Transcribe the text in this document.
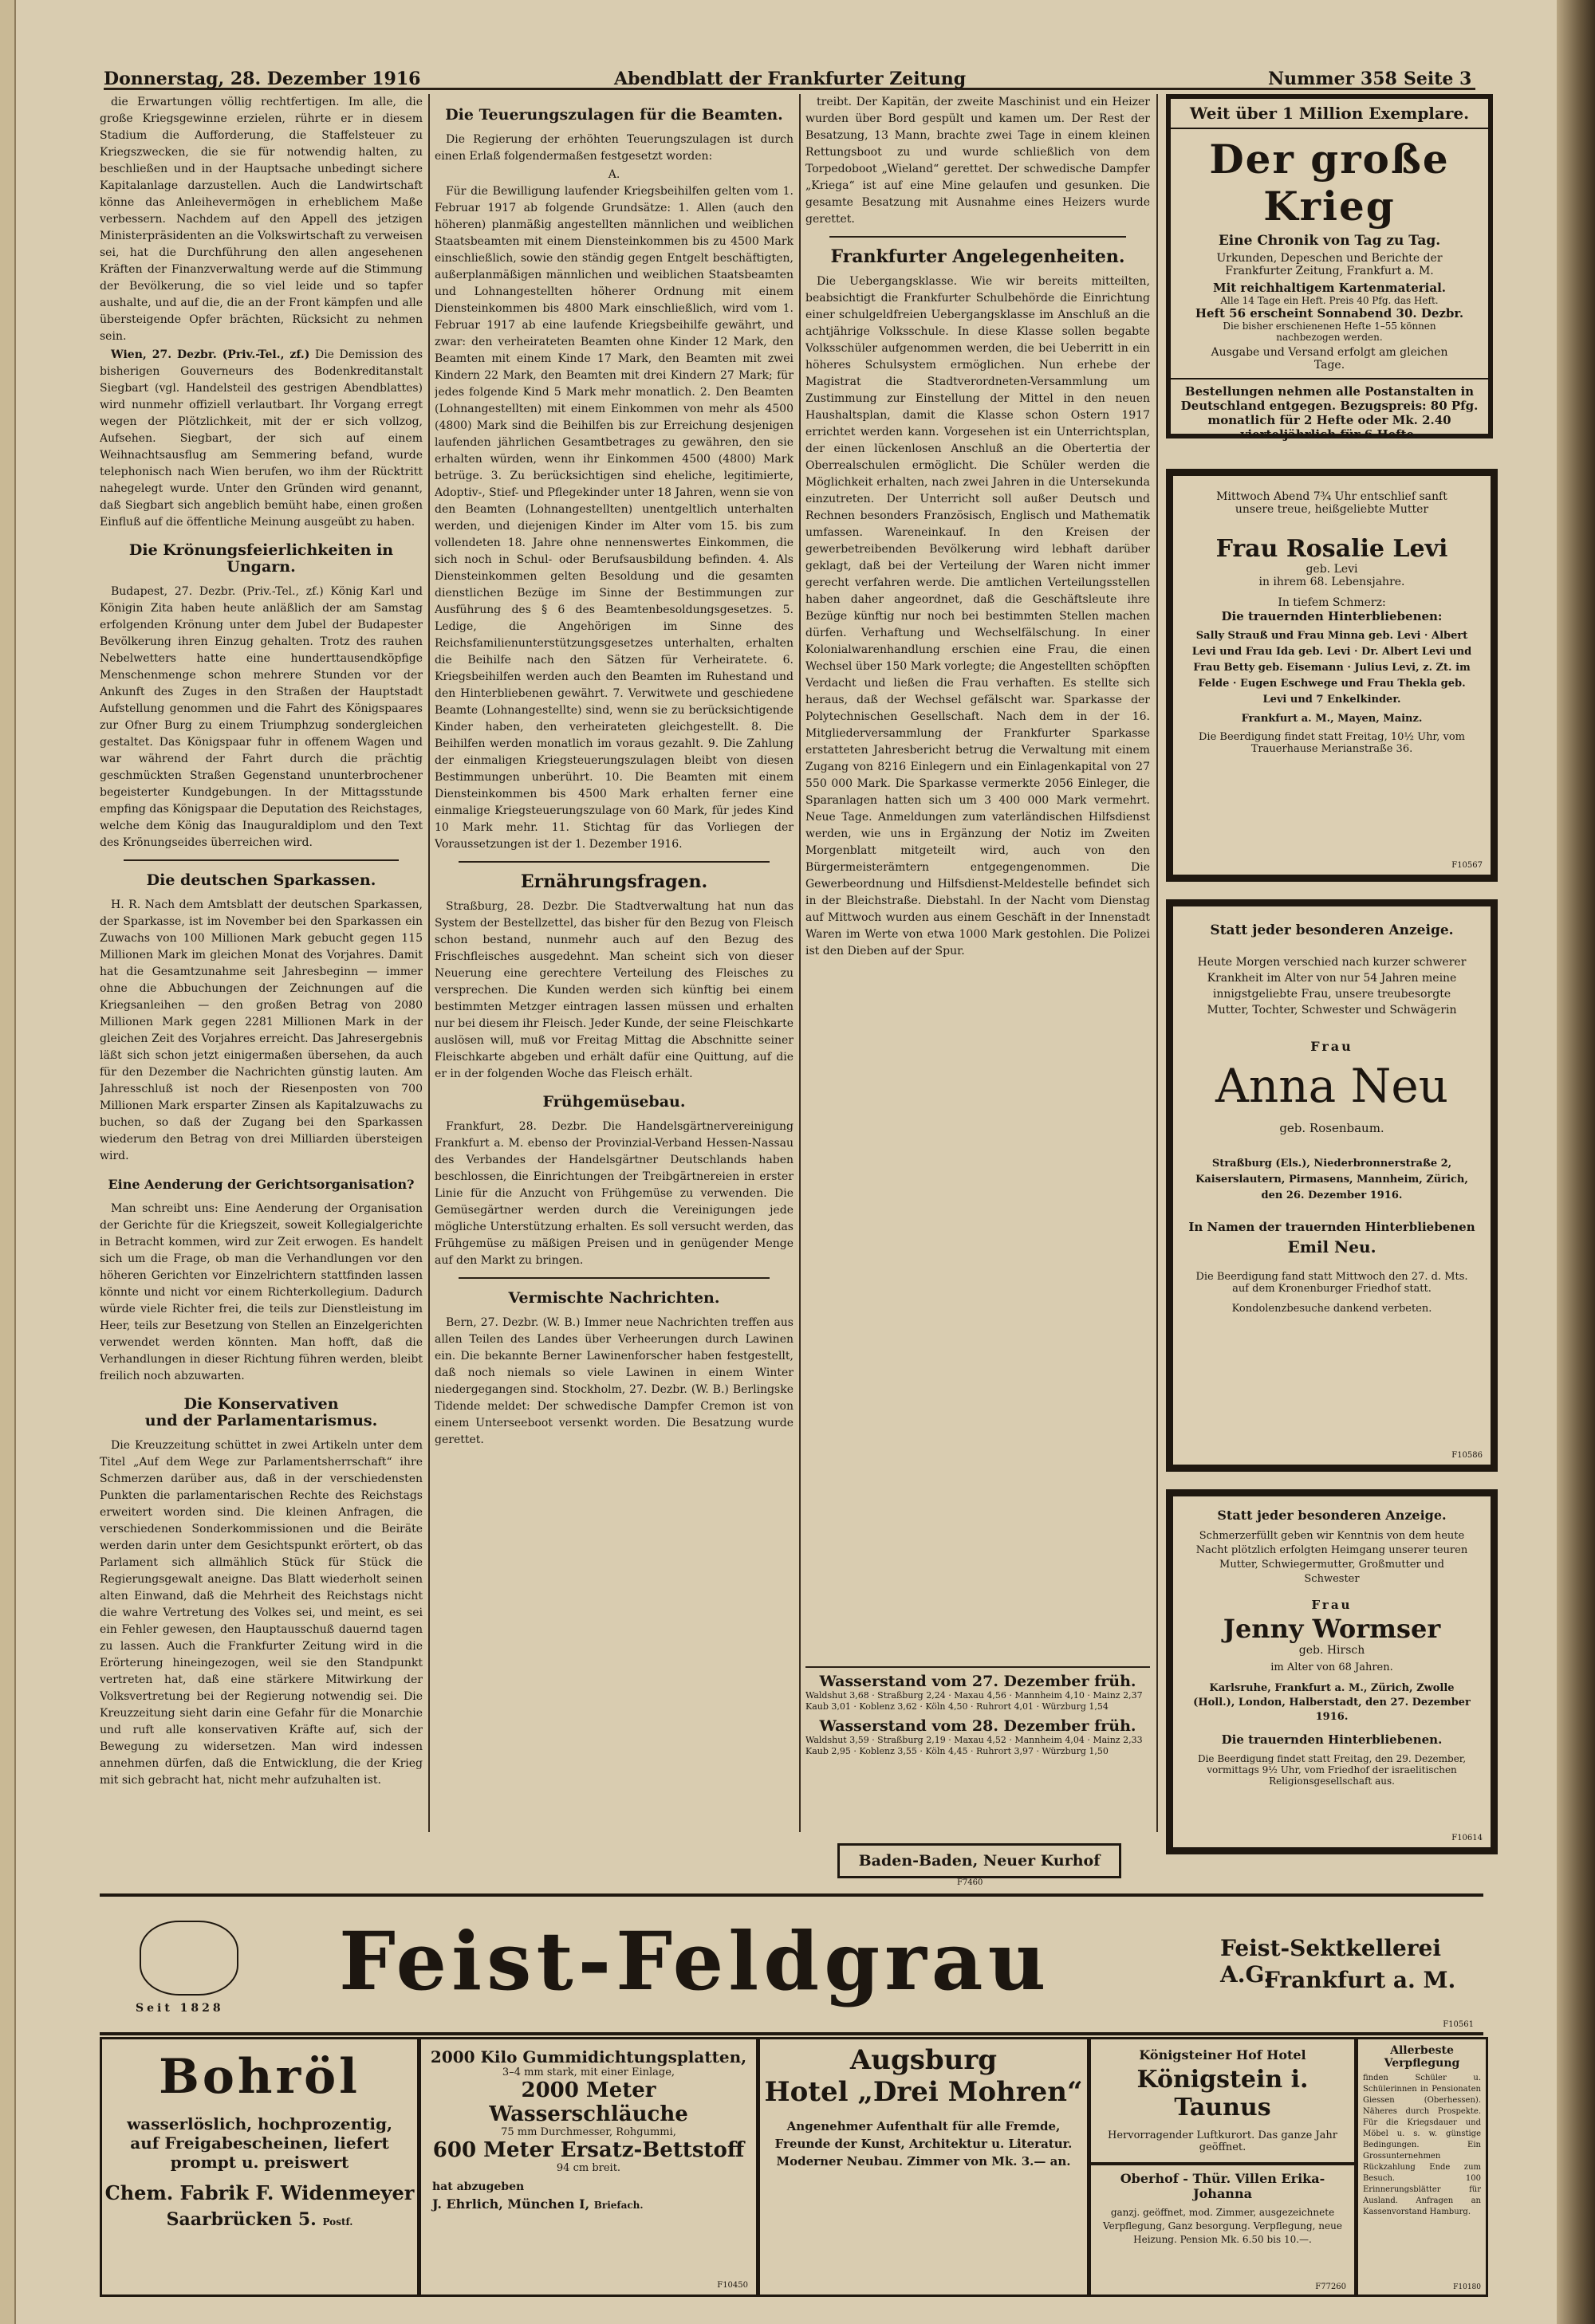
Donnerstag, 28. Dezember 1916	Abendblatt der Frankfurter Zeitung	Nummer 358 Seite 3

die Erwartungen völlig rechtfertigen. Im alle, die große Kriegsgewinne erzielen, rührte er in diesem Stadium die Aufforderung, die Staffelsteuer zu Kriegszwecken, die sie für notwendig halten, zu beschließen und in der Hauptsache unbedingt sichere Kapitalanlage darzustellen. Auch die Landwirtschaft könne das Anleihevermögen in erheblichem Maße verbessern. Nachdem auf den Appell des jetzigen Ministerpräsidenten an die Volkswirtschaft zu verweisen sei, hat die Durchführung den allen angesehenen Kräften der Finanzverwaltung werde auf die Stimmung der Bevölkerung, die so viel leide und so tapfer aushalte, und auf die, die an der Front kämpfen und alle übersteigende Opfer brächten, Rücksicht zu nehmen sein.

Wien, 27. Dezbr. (Priv.-Tel., zf.) Die Demission des bisherigen Gouverneurs des Bodenkreditanstalt Siegbart (vgl. Handelsteil des gestrigen Abendblattes) wird nunmehr offiziell verlautbart. Ihr Vorgang erregt wegen der Plötzlichkeit, mit der er sich vollzog, Aufsehen. Siegbart, der sich auf einem Weihnachtsausflug am Semmering befand, wurde telephonisch nach Wien berufen, wo ihm der Rücktritt nahegelegt wurde. Unter den Gründen wird genannt, daß Siegbart sich angeblich bemüht habe, einen großen Einfluß auf die öffentliche Meinung ausgeübt zu haben.

Die Krönungsfeierlichkeiten in Ungarn.

Budapest, 27. Dezbr. (Priv.-Tel., zf.) König Karl und Königin Zita haben heute anläßlich der am Samstag erfolgenden Krönung unter dem Jubel der Budapester Bevölkerung ihren Einzug gehalten. Trotz des rauhen Nebelwetters hatte eine hunderttausendköpfige Menschenmenge schon mehrere Stunden vor der Ankunft des Zuges in den Straßen der Hauptstadt Aufstellung genommen und die Fahrt des Königspaares zur Ofner Burg zu einem Triumphzug sondergleichen gestaltet. Das Königspaar fuhr in offenem Wagen und war während der Fahrt durch die prächtig geschmückten Straßen Gegenstand ununterbrochener begeisterter Kundgebungen. In der Mittagsstunde empfing das Königspaar die Deputation des Reichstages, welche dem König das Inauguraldiplom und den Text des Krönungseides überreichen wird.

Die deutschen Sparkassen.

H. R. Nach dem Amtsblatt der deutschen Sparkassen, der Sparkasse, ist im November bei den Sparkassen ein Zuwachs von 100 Millionen Mark gebucht gegen 115 Millionen Mark im gleichen Monat des Vorjahres. Damit hat die Gesamtzunahme seit Jahresbeginn — immer ohne die Abbuchungen der Zeichnungen auf die Kriegsanleihen — den großen Betrag von 2080 Millionen Mark gegen 2281 Millionen Mark in der gleichen Zeit des Vorjahres erreicht. Das Jahresergebnis läßt sich schon jetzt einigermaßen übersehen, da auch für den Dezember die Nachrichten günstig lauten. Am Jahresschluß ist noch der Riesenposten von 700 Millionen Mark ersparter Zinsen als Kapitalzuwachs zu buchen, so daß der Zugang bei den Sparkassen wiederum den Betrag von drei Milliarden übersteigen wird.

Eine Aenderung der Gerichtsorganisation?

Man schreibt uns: Eine Aenderung der Organisation der Gerichte für die Kriegszeit, soweit Kollegialgerichte in Betracht kommen, wird zur Zeit erwogen. Es handelt sich um die Frage, ob man die Verhandlungen vor den höheren Gerichten vor Einzelrichtern stattfinden lassen könnte und nicht vor einem Richterkollegium. Dadurch würde viele Richter frei, die teils zur Dienstleistung im Heer, teils zur Besetzung von Stellen an Einzelgerichten verwendet werden könnten. Man hofft, daß die Verhandlungen in dieser Richtung führen werden, bleibt freilich noch abzuwarten.

Die Konservativen
und der Parlamentarismus.

Die Kreuzzeitung schüttet in zwei Artikeln unter dem Titel „Auf dem Wege zur Parlamentsherrschaft“ ihre Schmerzen darüber aus, daß in der verschiedensten Punkten die parlamentarischen Rechte des Reichstags erweitert worden sind. Die kleinen Anfragen, die verschiedenen Sonderkommissionen und die Beiräte werden darin unter dem Gesichtspunkt erörtert, ob das Parlament sich allmählich Stück für Stück die Regierungsgewalt aneigne. Das Blatt wiederholt seinen alten Einwand, daß die Mehrheit des Reichstags nicht die wahre Vertretung des Volkes sei, und meint, es sei ein Fehler gewesen, den Hauptausschuß dauernd tagen zu lassen. Auch die Frankfurter Zeitung wird in die Erörterung hineingezogen, weil sie den Standpunkt vertreten hat, daß eine stärkere Mitwirkung der Volksvertretung bei der Regierung notwendig sei. Die Kreuzzeitung sieht darin eine Gefahr für die Monarchie und ruft alle konservativen Kräfte auf, sich der Bewegung zu widersetzen. Man wird indessen annehmen dürfen, daß die Entwicklung, die der Krieg mit sich gebracht hat, nicht mehr aufzuhalten ist.

Die Teuerungszulagen für die Beamten.

Die Regierung der erhöhten Teuerungszulagen ist durch einen Erlaß folgendermaßen festgesetzt worden:

A.

Für die Bewilligung laufender Kriegsbeihilfen gelten vom 1. Februar 1917 ab folgende Grundsätze: 1. Allen (auch den höheren) planmäßig angestellten männlichen und weiblichen Staatsbeamten mit einem Diensteinkommen bis zu 4500 Mark einschließlich, sowie den ständig gegen Entgelt beschäftigten, außerplanmäßigen männlichen und weiblichen Staatsbeamten und Lohnangestellten höherer Ordnung mit einem Diensteinkommen bis 4800 Mark einschließlich, wird vom 1. Februar 1917 ab eine laufende Kriegsbeihilfe gewährt, und zwar: den verheirateten Beamten ohne Kinder 12 Mark, den Beamten mit einem Kinde 17 Mark, den Beamten mit zwei Kindern 22 Mark, den Beamten mit drei Kindern 27 Mark; für jedes folgende Kind 5 Mark mehr monatlich. 2. Den Beamten (Lohnangestellten) mit einem Einkommen von mehr als 4500 (4800) Mark sind die Beihilfen bis zur Erreichung desjenigen laufenden jährlichen Gesamtbetrages zu gewähren, den sie erhalten würden, wenn ihr Einkommen 4500 (4800) Mark betrüge. 3. Zu berücksichtigen sind eheliche, legitimierte, Adoptiv-, Stief- und Pflegekinder unter 18 Jahren, wenn sie von den Beamten (Lohnangestellten) unentgeltlich unterhalten werden, und diejenigen Kinder im Alter vom 15. bis zum vollendeten 18. Jahre ohne nennenswertes Einkommen, die sich noch in Schul- oder Berufsausbildung befinden. 4. Als Diensteinkommen gelten Besoldung und die gesamten dienstlichen Bezüge im Sinne der Bestimmungen zur Ausführung des § 6 des Beamtenbesoldungsgesetzes. 5. Ledige, die Angehörigen im Sinne des Reichsfamilienunterstützungsgesetzes unterhalten, erhalten die Beihilfe nach den Sätzen für Verheiratete. 6. Kriegsbeihilfen werden auch den Beamten im Ruhestand und den Hinterbliebenen gewährt. 7. Verwitwete und geschiedene Beamte (Lohnangestellte) sind, wenn sie zu berücksichtigende Kinder haben, den verheirateten gleichgestellt. 8. Die Beihilfen werden monatlich im voraus gezahlt. 9. Die Zahlung der einmaligen Kriegsteuerungszulagen bleibt von diesen Bestimmungen unberührt. 10. Die Beamten mit einem Diensteinkommen bis 4500 Mark erhalten ferner eine einmalige Kriegsteuerungszulage von 60 Mark, für jedes Kind 10 Mark mehr. 11. Stichtag für das Vorliegen der Voraussetzungen ist der 1. Dezember 1916.

Ernährungsfragen.

Straßburg, 28. Dezbr. Die Stadtverwaltung hat nun das System der Bestellzettel, das bisher für den Bezug von Fleisch schon bestand, nunmehr auch auf den Bezug des Frischfleisches ausgedehnt. Man scheint sich von dieser Neuerung eine gerechtere Verteilung des Fleisches zu versprechen. Die Kunden werden sich künftig bei einem bestimmten Metzger eintragen lassen müssen und erhalten nur bei diesem ihr Fleisch. Jeder Kunde, der seine Fleischkarte auslösen will, muß vor Freitag Mittag die Abschnitte seiner Fleischkarte abgeben und erhält dafür eine Quittung, auf die er in der folgenden Woche das Fleisch erhält.

Frühgemüsebau.

Frankfurt, 28. Dezbr. Die Handelsgärtnervereinigung Frankfurt a. M. ebenso der Provinzial-Verband Hessen-Nassau des Verbandes der Handelsgärtner Deutschlands haben beschlossen, die Einrichtungen der Treibgärtnereien in erster Linie für die Anzucht von Frühgemüse zu verwenden. Die Gemüsegärtner werden durch die Vereinigungen jede mögliche Unterstützung erhalten. Es soll versucht werden, das Frühgemüse zu mäßigen Preisen und in genügender Menge auf den Markt zu bringen.

Vermischte Nachrichten.

Bern, 27. Dezbr. (W. B.) Immer neue Nachrichten treffen aus allen Teilen des Landes über Verheerungen durch Lawinen ein. Die bekannte Berner Lawinenforscher haben festgestellt, daß noch niemals so viele Lawinen in einem Winter niedergegangen sind. Stockholm, 27. Dezbr. (W. B.) Berlingske Tidende meldet: Der schwedische Dampfer Cremon ist von einem Unterseeboot versenkt worden. Die Besatzung wurde gerettet.

treibt. Der Kapitän, der zweite Maschinist und ein Heizer wurden über Bord gespült und kamen um. Der Rest der Besatzung, 13 Mann, brachte zwei Tage in einem kleinen Rettungsboot zu und wurde schließlich von dem Torpedoboot „Wieland“ gerettet. Der schwedische Dampfer „Kriega“ ist auf eine Mine gelaufen und gesunken. Die gesamte Besatzung mit Ausnahme eines Heizers wurde gerettet.

Frankfurter Angelegenheiten.

Die Uebergangsklasse. Wie wir bereits mitteilten, beabsichtigt die Frankfurter Schulbehörde die Einrichtung einer schulgeldfreien Uebergangsklasse im Anschluß an die achtjährige Volksschule. In diese Klasse sollen begabte Volksschüler aufgenommen werden, die bei Ueberritt in ein höheres Schulsystem ermöglichen. Nun erhebe der Magistrat die Stadtverordneten-Versammlung um Zustimmung zur Einstellung der Mittel in den neuen Haushaltsplan, damit die Klasse schon Ostern 1917 errichtet werden kann. Vorgesehen ist ein Unterrichtsplan, der einen lückenlosen Anschluß an die Obertertia der Oberrealschulen ermöglicht. Die Schüler werden die Möglichkeit erhalten, nach zwei Jahren in die Untersekunda einzutreten. Der Unterricht soll außer Deutsch und Rechnen besonders Französisch, Englisch und Mathematik umfassen. Wareneinkauf. In den Kreisen der gewerbetreibenden Bevölkerung wird lebhaft darüber geklagt, daß bei der Verteilung der Waren nicht immer gerecht verfahren werde. Die amtlichen Verteilungsstellen haben daher angeordnet, daß die Geschäftsleute ihre Bezüge künftig nur noch bei bestimmten Stellen machen dürfen. Verhaftung und Wechselfälschung. In einer Kolonialwarenhandlung erschien eine Frau, die einen Wechsel über 150 Mark vorlegte; die Angestellten schöpften Verdacht und ließen die Frau verhaften. Es stellte sich heraus, daß der Wechsel gefälscht war. Sparkasse der Polytechnischen Gesellschaft. Nach dem in der 16. Mitgliederversammlung der Frankfurter Sparkasse erstatteten Jahresbericht betrug die Verwaltung mit einem Zugang von 8216 Einlegern und ein Einlagenkapital von 27 550 000 Mark. Die Sparkasse vermerkte 2056 Einleger, die Sparanlagen hatten sich um 3 400 000 Mark vermehrt. Neue Tage. Anmeldungen zum vaterländischen Hilfsdienst werden, wie uns in Ergänzung der Notiz im Zweiten Morgenblatt mitgeteilt wird, auch von den Bürgermeisterämtern entgegengenommen. Die Gewerbeordnung und Hilfsdienst-Meldestelle befindet sich in der Bleichstraße. Diebstahl. In der Nacht vom Dienstag auf Mittwoch wurden aus einem Geschäft in der Innenstadt Waren im Werte von etwa 1000 Mark gestohlen. Die Polizei ist den Dieben auf der Spur.

Wasserstand vom 27. Dezember früh.
Waldshut 3,68 · Straßburg 2,24 · Maxau 4,56 · Mannheim 4,10 · Mainz 2,37
Kaub 3,01 · Koblenz 3,62 · Köln 4,50 · Ruhrort 4,01 · Würzburg 1,54
Wasserstand vom 28. Dezember früh.
Waldshut 3,59 · Straßburg 2,19 · Maxau 4,52 · Mannheim 4,04 · Mainz 2,33
Kaub 2,95 · Koblenz 3,55 · Köln 4,45 · Ruhrort 3,97 · Würzburg 1,50
Baden-Baden, Neuer Kurhof
F7460
Weit über 1 Million Exemplare.
Der große Krieg
Eine Chronik von Tag zu Tag.
Urkunden, Depeschen und Berichte der Frankfurter Zeitung, Frankfurt a. M.
Mit reichhaltigem Kartenmaterial.
Alle 14 Tage ein Heft. Preis 40 Pfg. das Heft.
Heft 56 erscheint Sonnabend 30. Dezbr.
Die bisher erschienenen Hefte 1–55 können nachbezogen werden.
Ausgabe und Versand erfolgt am gleichen Tage.
Bestellungen nehmen alle Postanstalten in Deutschland entgegen. Bezugspreis: 80 Pfg. monatlich für 2 Hefte oder Mk. 2.40 vierteljährlich für 6 Hefte.
Mittwoch Abend 7¾ Uhr entschlief sanft unsere treue, heißgeliebte Mutter
Frau Rosalie Levi
geb. Levi
in ihrem 68. Lebensjahre.
In tiefem Schmerz:
Die trauernden Hinterbliebenen:
Sally Strauß und Frau Minna geb. Levi · Albert Levi und Frau Ida geb. Levi · Dr. Albert Levi und Frau Betty geb. Eisemann · Julius Levi, z. Zt. im Felde · Eugen Eschwege und Frau Thekla geb. Levi und 7 Enkelkinder.
Frankfurt a. M., Mayen, Mainz.
Die Beerdigung findet statt Freitag, 10½ Uhr, vom Trauerhause Merianstraße 36.
F10567
Statt jeder besonderen Anzeige.
Heute Morgen verschied nach kurzer schwerer Krankheit im Alter von nur 54 Jahren meine innigstgeliebte Frau, unsere treubesorgte Mutter, Tochter, Schwester und Schwägerin
Frau
Anna Neu
geb. Rosenbaum.
Straßburg (Els.), Niederbronnerstraße 2, Kaiserslautern, Pirmasens, Mannheim, Zürich, den 26. Dezember 1916.
In Namen der trauernden Hinterbliebenen
Emil Neu.
Die Beerdigung fand statt Mittwoch den 27. d. Mts. auf dem Kronenburger Friedhof statt.
Kondolenzbesuche dankend verbeten.
F10586
Statt jeder besonderen Anzeige.
Schmerzerfüllt geben wir Kenntnis von dem heute Nacht plötzlich erfolgten Heimgang unserer teuren Mutter, Schwiegermutter, Großmutter und Schwester
Frau
Jenny Wormser
geb. Hirsch
im Alter von 68 Jahren.
Karlsruhe, Frankfurt a. M., Zürich, Zwolle (Holl.), London, Halberstadt, den 27. Dezember 1916.
Die trauernden Hinterbliebenen.
Die Beerdigung findet statt Freitag, den 29. Dezember, vormittags 9½ Uhr, vom Friedhof der israelitischen Religionsgesellschaft aus.
F10614
Feist-Feldgrau
Seit 1828
Feist-Sektkellerei A.G.
Frankfurt a. M.
F10561
Bohröl
wasserlöslich, hochprozentig, auf Freigabescheinen, liefert prompt u. preiswert
Chem. Fabrik F. Widenmeyer
Saarbrücken 5. Postf.
2000 Kilo Gummidichtungsplatten,
3–4 mm stark, mit einer Einlage,
2000 Meter Wasserschläuche
75 mm Durchmesser, Rohgummi,
600 Meter Ersatz-Bettstoff
94 cm breit.
hat abzugeben
J. Ehrlich, München I, Briefach.
F10450
Augsburg
Hotel „Drei Mohren“
Angenehmer Aufenthalt für alle Fremde, Freunde der Kunst, Architektur u. Literatur. Moderner Neubau. Zimmer von Mk. 3.— an.
Königsteiner Hof Hotel
Königstein i. Taunus
Hervorragender Luftkurort. Das ganze Jahr geöffnet.
Oberhof - Thür. Villen Erika-Johanna
ganzj. geöffnet, mod. Zimmer, ausgezeichnete Verpflegung, Ganz besorgung. Verpflegung, neue Heizung. Pension Mk. 6.50 bis 10.—.
F77260
Allerbeste Verpflegung
finden Schüler u. Schülerinnen in Pensionaten Giessen (Oberhessen). Näheres durch Prospekte. Für die Kriegsdauer und Möbel u. s. w. günstige Bedingungen. Ein Grossunternehmen Rückzahlung Ende zum Besuch. 100 Erinnerungsblätter für Ausland. Anfragen an Kassenvorstand Hamburg.
F10180
